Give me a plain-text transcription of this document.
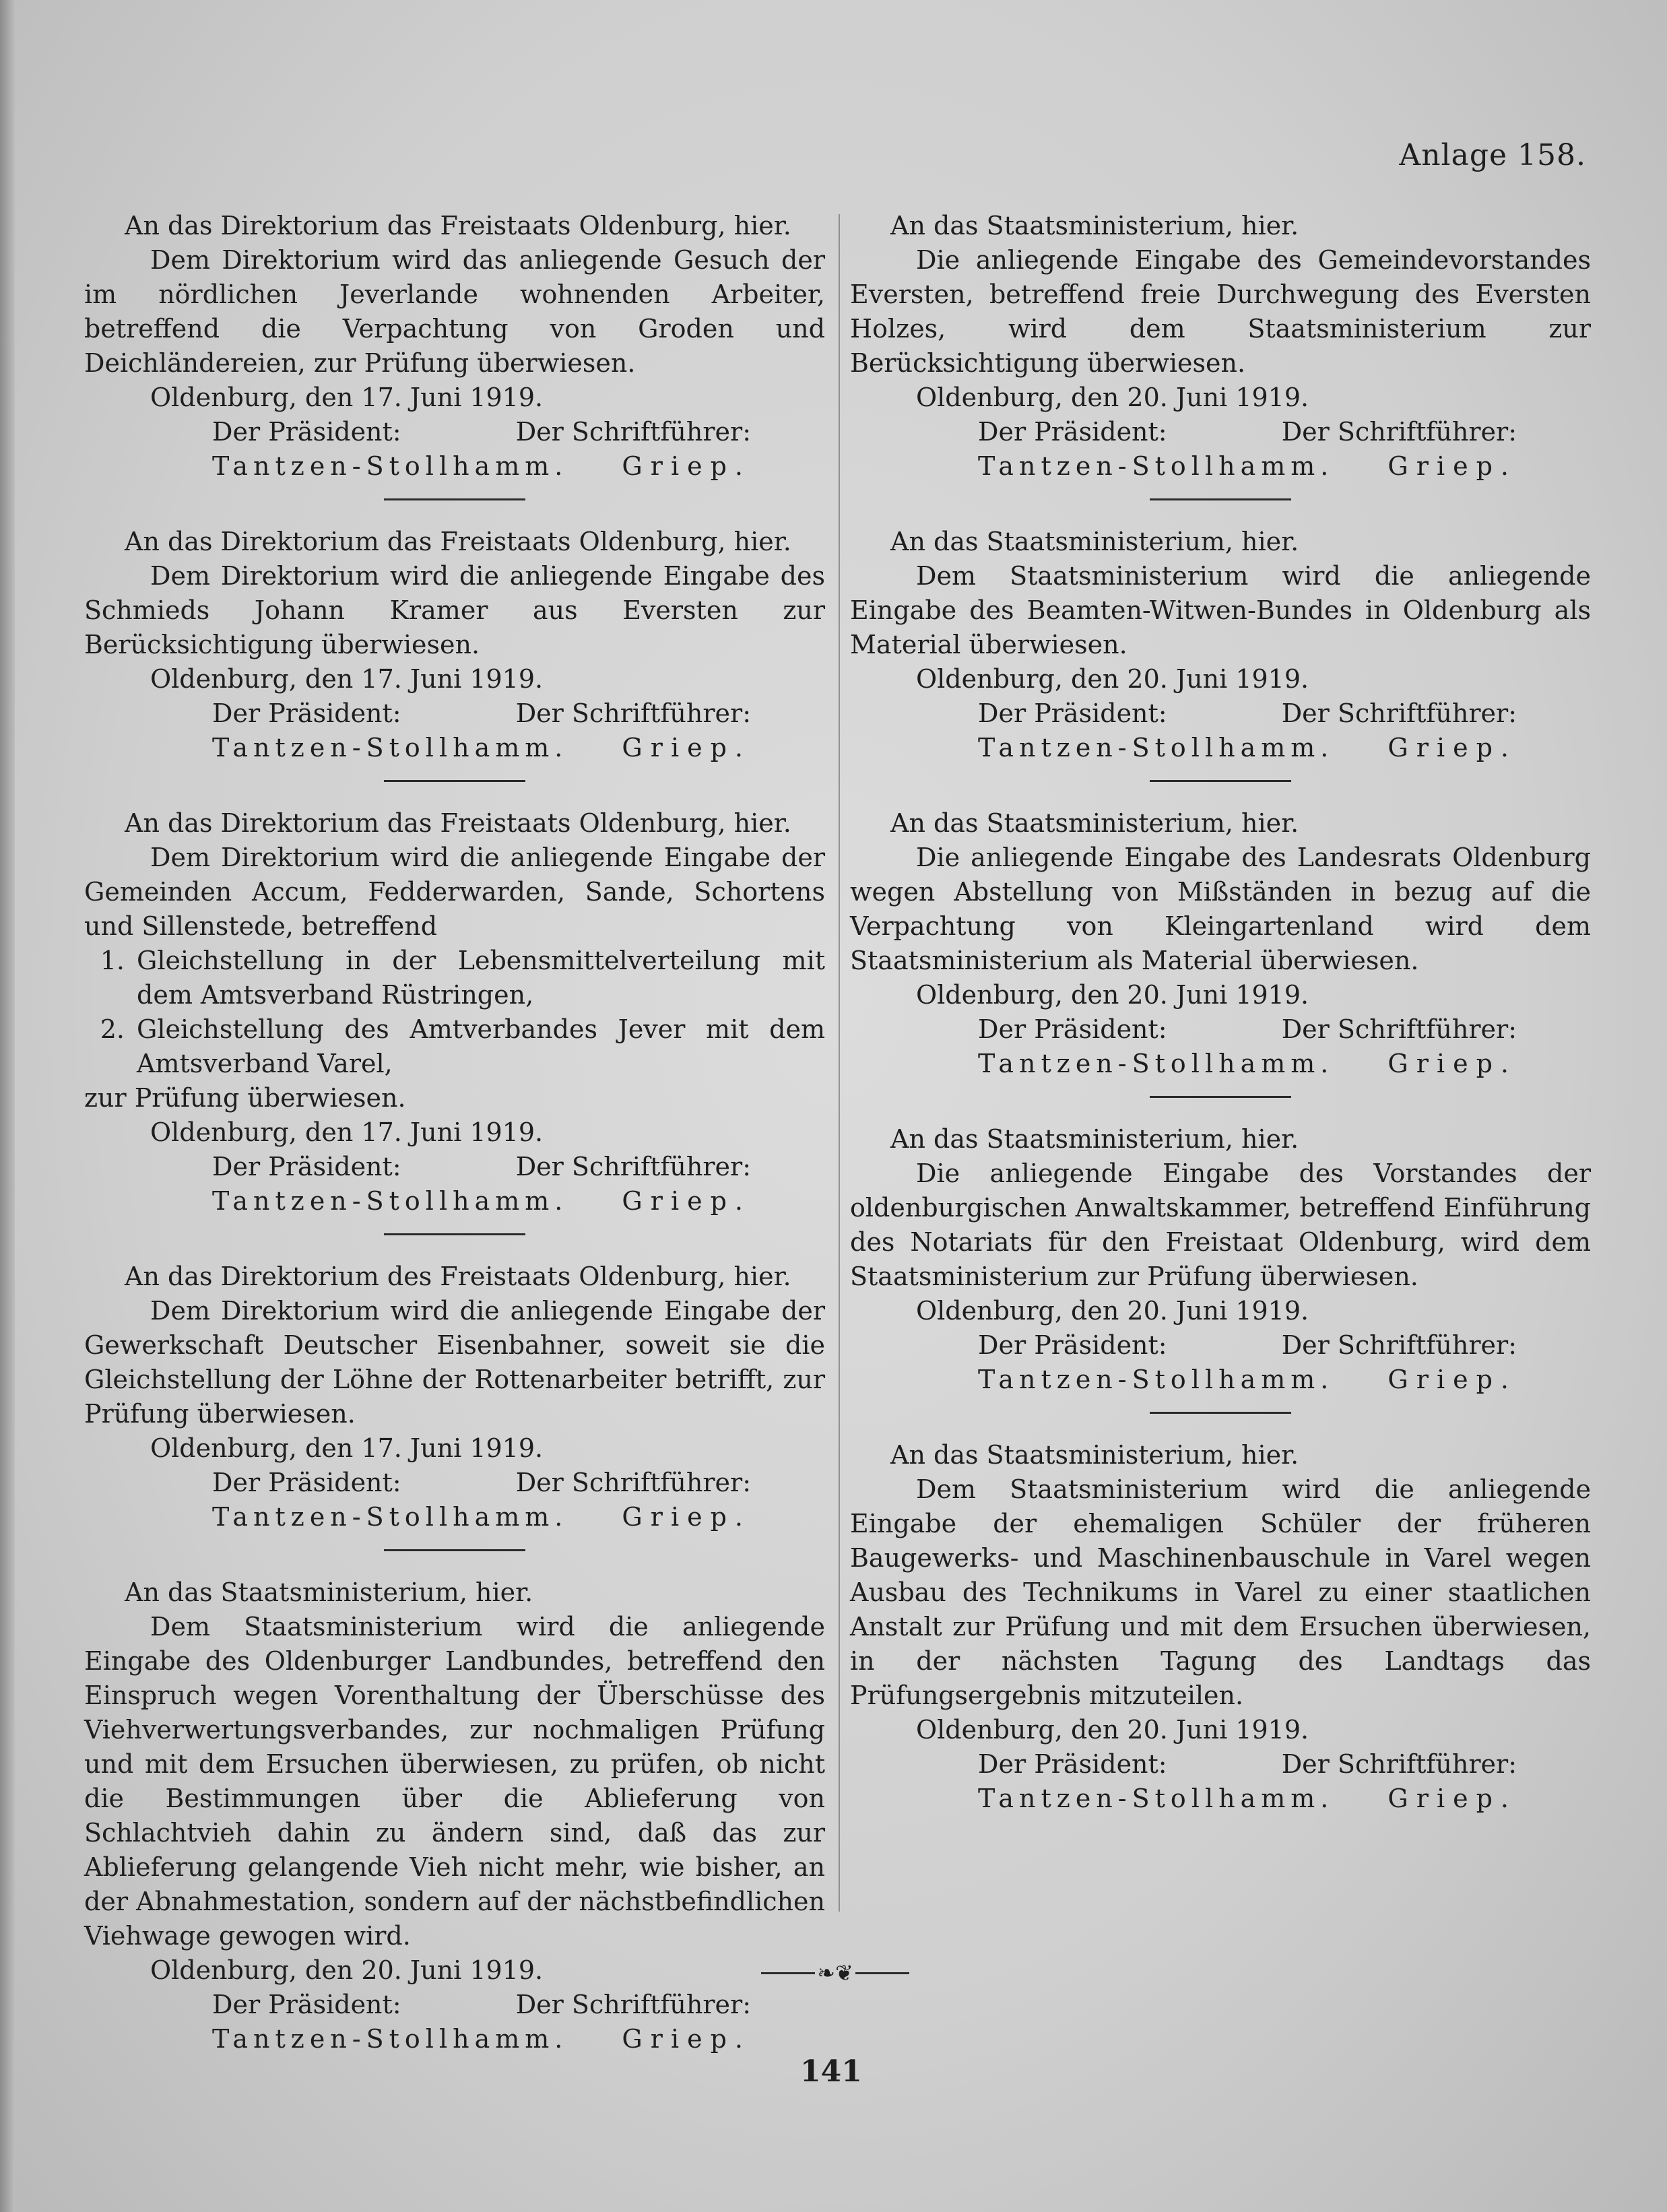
Anlage 158.
An das Direktorium das Freistaats Oldenburg, hier.
Dem Direktorium wird das anliegende Gesuch der im nördlichen Jeverlande wohnenden Arbeiter, betreffend die Verpachtung von Groden und Deichländereien, zur Prüfung überwiesen.
Oldenburg, den 17. Juni 1919.
Der Präsident:	Der Schriftführer:
Tantzen-Stollhamm. Griep.
An das Direktorium das Freistaats Oldenburg, hier.
Dem Direktorium wird die anliegende Eingabe des Schmieds Johann Kramer aus Eversten zur Berücksichtigung überwiesen.
Oldenburg, den 17. Juni 1919.
Der Präsident:	Der Schriftführer:
Tantzen-Stollhamm. Griep.
An das Direktorium das Freistaats Oldenburg, hier.
Dem Direktorium wird die anliegende Eingabe der Gemeinden Accum, Fedderwarden, Sande, Schortens und Sillenstede, betreffend
1. Gleichstellung in der Lebensmittelverteilung mit dem Amtsverband Rüstringen,
2. Gleichstellung des Amtverbandes Jever mit dem Amtsverband Varel,
zur Prüfung überwiesen.
Oldenburg, den 17. Juni 1919.
Der Präsident:	Der Schriftführer:
Tantzen-Stollhamm. Griep.
An das Direktorium des Freistaats Oldenburg, hier.
Dem Direktorium wird die anliegende Eingabe der Gewerkschaft Deutscher Eisenbahner, soweit sie die Gleichstellung der Löhne der Rottenarbeiter betrifft, zur Prüfung überwiesen.
Oldenburg, den 17. Juni 1919.
Der Präsident:	Der Schriftführer:
Tantzen-Stollhamm. Griep.
An das Staatsministerium, hier.
Dem Staatsministerium wird die anliegende Eingabe des Oldenburger Landbundes, betreffend den Einspruch wegen Vorenthaltung der Überschüsse des Viehverwertungsverbandes, zur nochmaligen Prüfung und mit dem Ersuchen überwiesen, zu prüfen, ob nicht die Bestimmungen über die Ablieferung von Schlachtvieh dahin zu ändern sind, daß das zur Ablieferung gelangende Vieh nicht mehr, wie bisher, an der Abnahmestation, sondern auf der nächstbefindlichen Viehwage gewogen wird.
Oldenburg, den 20. Juni 1919.
Der Präsident:	Der Schriftführer:
Tantzen-Stollhamm. Griep.
An das Staatsministerium, hier.
Die anliegende Eingabe des Gemeindevorstandes Eversten, betreffend freie Durchwegung des Eversten Holzes, wird dem Staatsministerium zur Berücksichtigung überwiesen.
Oldenburg, den 20. Juni 1919.
Der Präsident:	Der Schriftführer:
Tantzen-Stollhamm. Griep.
An das Staatsministerium, hier.
Dem Staatsministerium wird die anliegende Eingabe des Beamten-Witwen-Bundes in Oldenburg als Material überwiesen.
Oldenburg, den 20. Juni 1919.
Der Präsident:	Der Schriftführer:
Tantzen-Stollhamm. Griep.
An das Staatsministerium, hier.
Die anliegende Eingabe des Landesrats Oldenburg wegen Abstellung von Mißständen in bezug auf die Verpachtung von Kleingartenland wird dem Staatsministerium als Material überwiesen.
Oldenburg, den 20. Juni 1919.
Der Präsident:	Der Schriftführer:
Tantzen-Stollhamm. Griep.
An das Staatsministerium, hier.
Die anliegende Eingabe des Vorstandes der oldenburgischen Anwaltskammer, betreffend Einführung des Notariats für den Freistaat Oldenburg, wird dem Staatsministerium zur Prüfung überwiesen.
Oldenburg, den 20. Juni 1919.
Der Präsident:	Der Schriftführer:
Tantzen-Stollhamm. Griep.
An das Staatsministerium, hier.
Dem Staatsministerium wird die anliegende Eingabe der ehemaligen Schüler der früheren Baugewerks- und Maschinenbauschule in Varel wegen Ausbau des Technikums in Varel zu einer staatlichen Anstalt zur Prüfung und mit dem Ersuchen überwiesen, in der nächsten Tagung des Landtags das Prüfungsergebnis mitzuteilen.
Oldenburg, den 20. Juni 1919.
Der Präsident:	Der Schriftführer:
Tantzen-Stollhamm. Griep.
❧❦
141
